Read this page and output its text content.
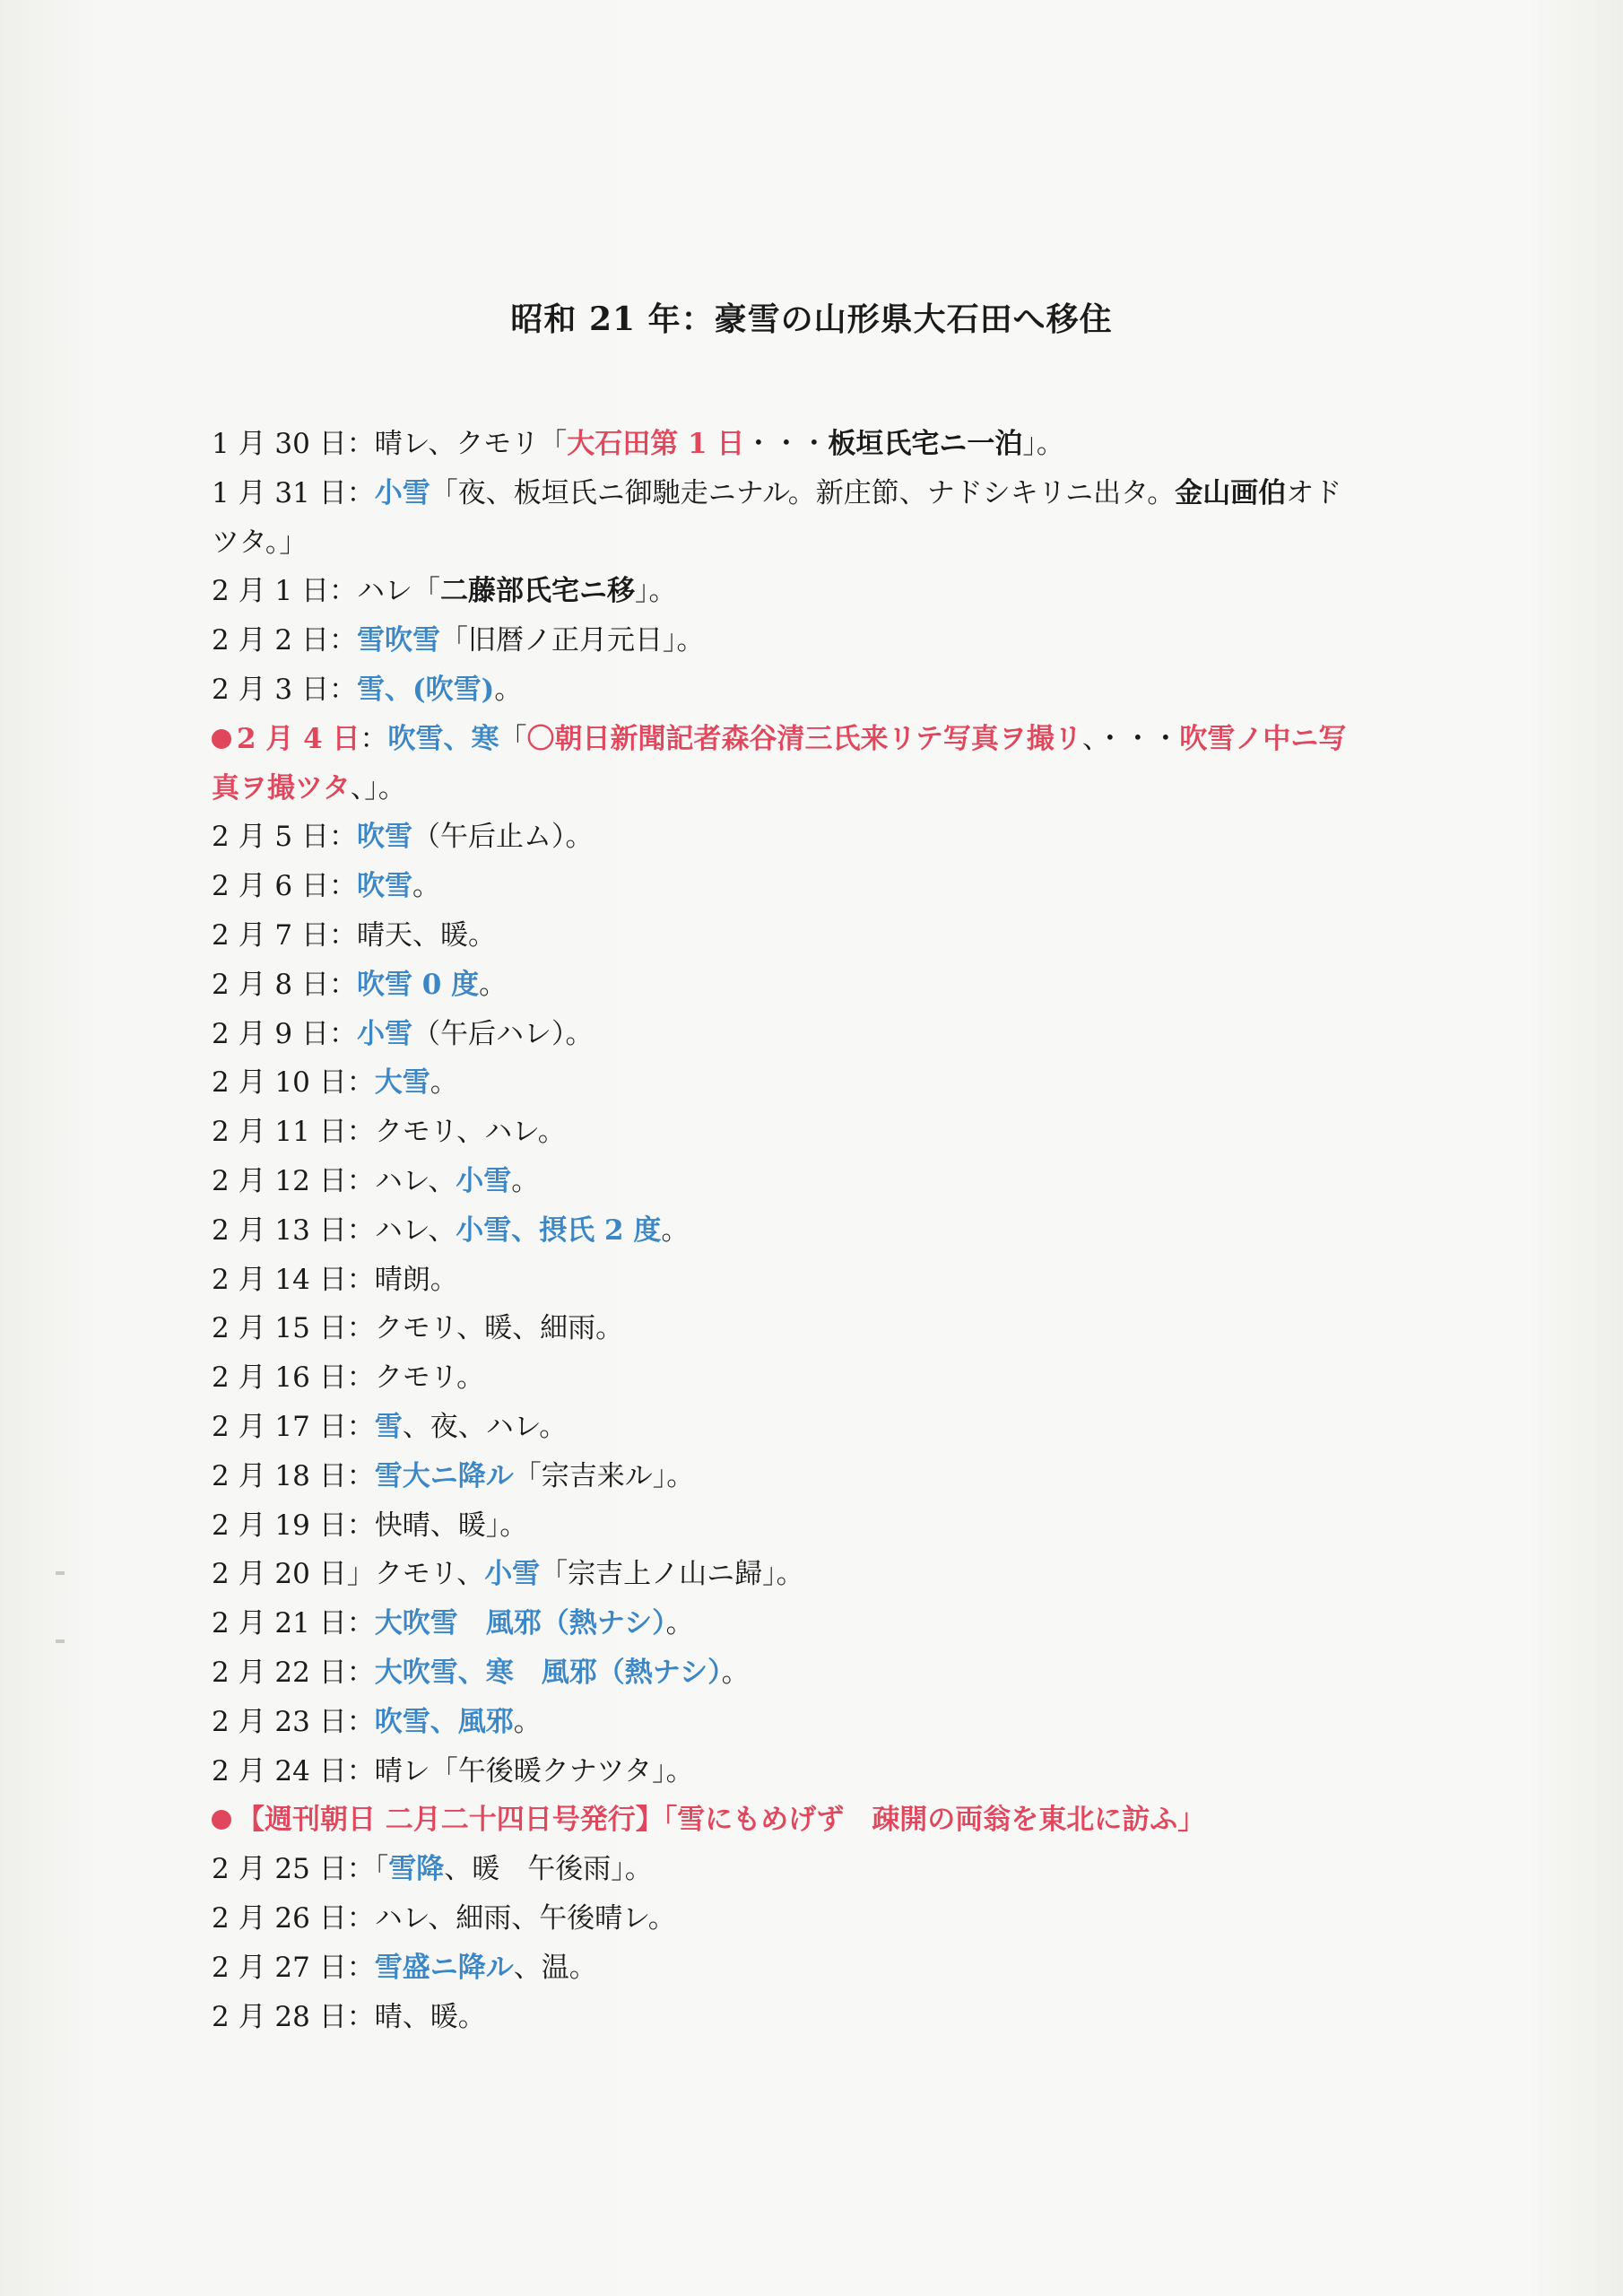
昭和 21 年：豪雪の山形県大石田へ移住
1 月 30 日：晴レ、クモリ「大石田第 1 日・・・板垣氏宅ニ一泊」。
1 月 31 日：小雪「夜、板垣氏ニ御馳走ニナル。新庄節、ナドシキリニ出タ。金山画伯オド
ツタ。」
2 月 1 日：ハレ「二藤部氏宅ニ移」。
2 月 2 日：雪吹雪「旧暦ノ正月元日」。
2 月 3 日：雪、(吹雪)。
2 月 4 日：吹雪、寒「〇朝日新聞記者森谷清三氏来リテ写真ヲ撮リ、・・・吹雪ノ中ニ写
真ヲ撮ツタ、」。
2 月 5 日：吹雪（午后止ム）。
2 月 6 日：吹雪。
2 月 7 日：晴天、暖。
2 月 8 日：吹雪 0 度。
2 月 9 日：小雪（午后ハレ）。
2 月 10 日：大雪。
2 月 11 日：クモリ、ハレ。
2 月 12 日：ハレ、小雪。
2 月 13 日：ハレ、小雪、摂氏 2 度。
2 月 14 日：晴朗。
2 月 15 日：クモリ、暖、細雨。
2 月 16 日：クモリ。
2 月 17 日：雪、夜、ハレ。
2 月 18 日：雪大ニ降ル「宗吉来ル」。
2 月 19 日：快晴、暖」。
2 月 20 日」クモリ、小雪「宗吉上ノ山ニ歸」。
2 月 21 日：大吹雪　風邪（熱ナシ）。
2 月 22 日：大吹雪、寒　風邪（熱ナシ）。
2 月 23 日：吹雪、風邪。
2 月 24 日：晴レ「午後暖クナツタ」。
【週刊朝日 二月二十四日号発行】「雪にもめげず　疎開の両翁を東北に訪ふ」
2 月 25 日：「雪降、暖　午後雨」。
2 月 26 日：ハレ、細雨、午後晴レ。
2 月 27 日：雪盛ニ降ル、温。
2 月 28 日：晴、暖。
